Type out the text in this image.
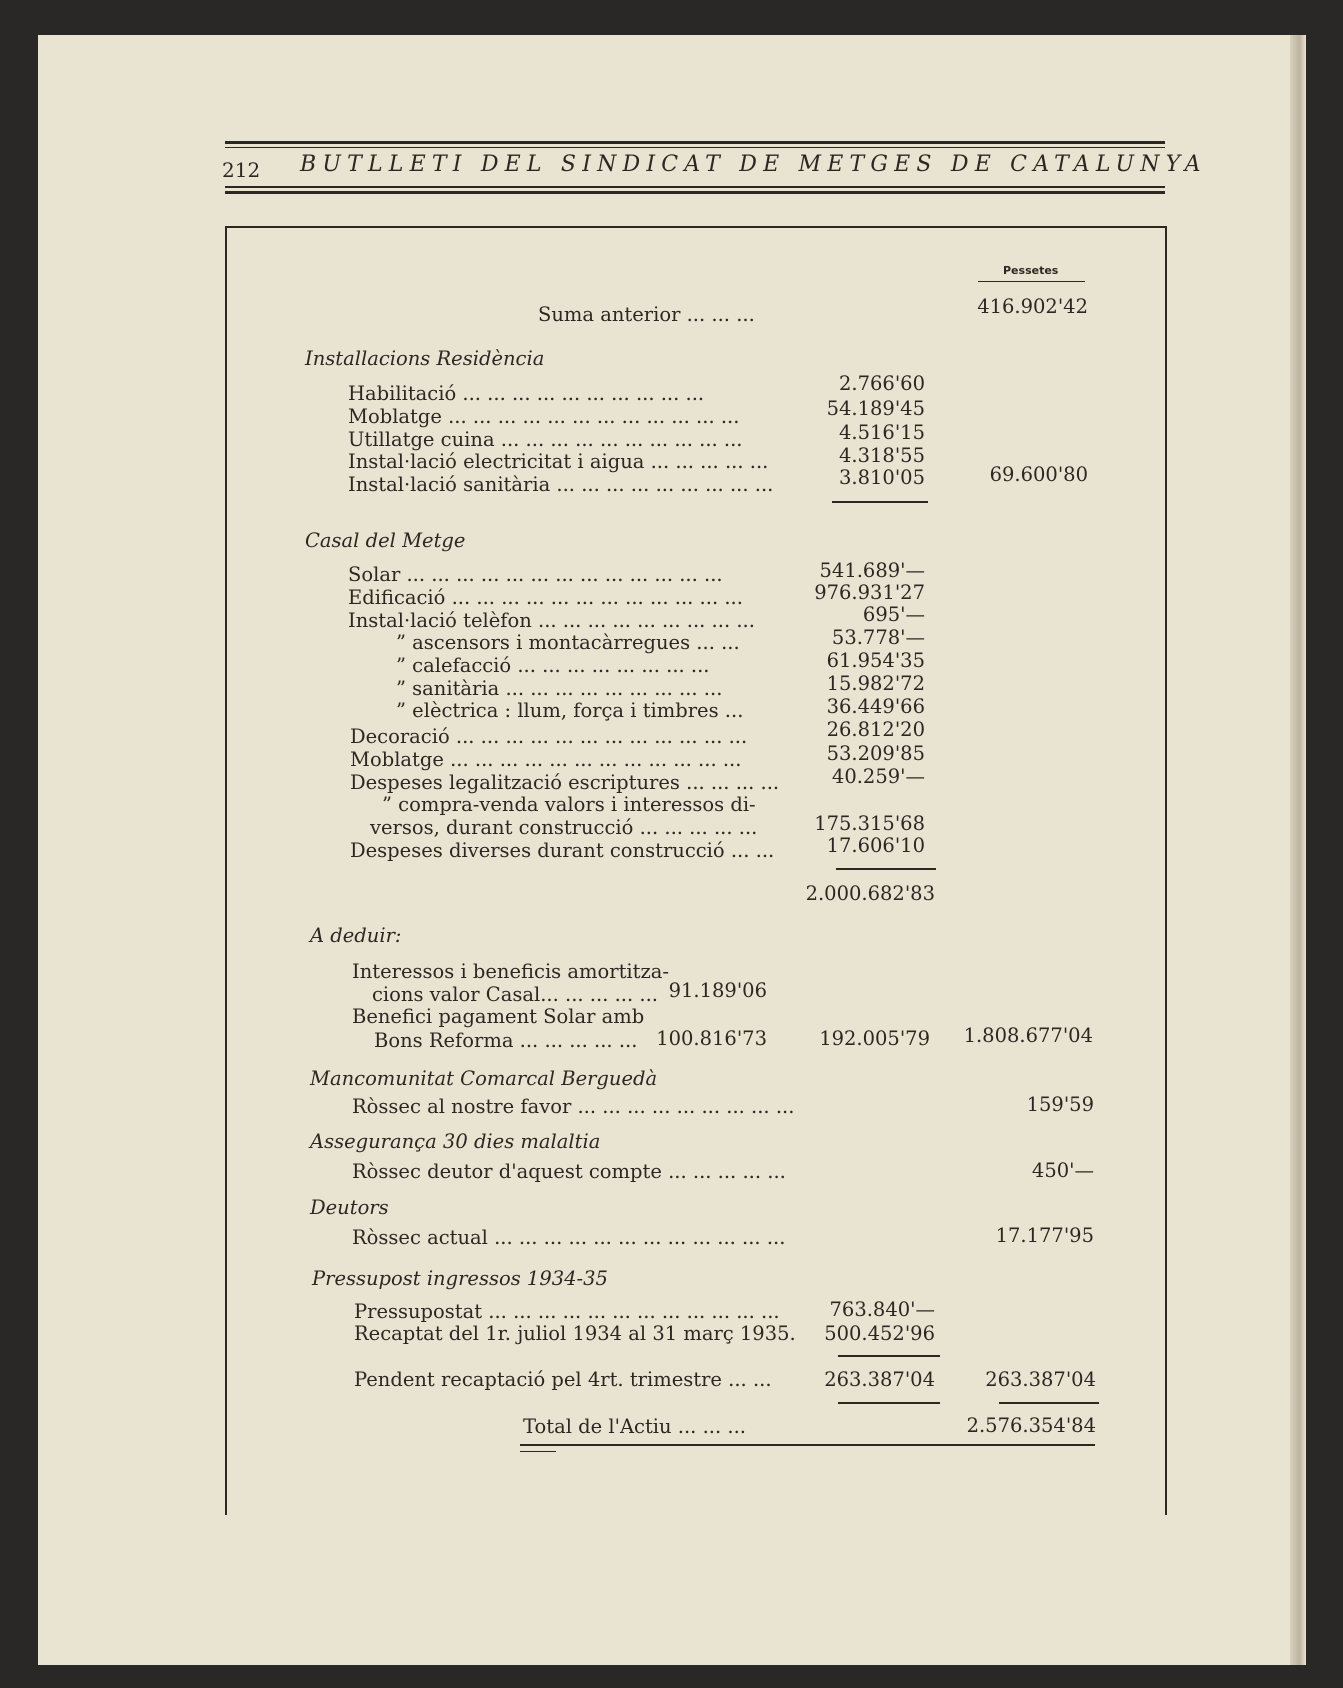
212 BUTLLETI DEL SINDICAT DE METGES DE CATALUNYA
Pessetes
Suma anterior ... ... ...	416.902'42
Installacions Residència
Habilitació ... ... ... ... ... ... ... ... ... ...	2.766'60
Moblatge ... ... ... ... ... ... ... ... ... ... ... ...	54.189'45
Utillatge cuina ... ... ... ... ... ... ... ... ... ...	4.516'15
Instal·lació electricitat i aigua ... ... ... ... ...	4.318'55
Instal·lació sanitària ... ... ... ... ... ... ... ... ...	3.810'05	69.600'80
Casal del Metge
Solar ... ... ... ... ... ... ... ... ... ... ... ... ...	541.689'—
Edificació ... ... ... ... ... ... ... ... ... ... ... ...	976.931'27
Instal·lació telèfon ... ... ... ... ... ... ... ... ...	695'—
” ascensors i montacàrregues ... ...	53.778'—
” calefacció ... ... ... ... ... ... ... ...	61.954'35
” sanitària ... ... ... ... ... ... ... ... ...	15.982'72
” elèctrica : llum, força i timbres ...	36.449'66
Decoració ... ... ... ... ... ... ... ... ... ... ... ...	26.812'20
Moblatge ... ... ... ... ... ... ... ... ... ... ... ...	53.209'85
Despeses legalització escriptures ... ... ... ...	40.259'—
” compra-venda valors i interessos di-
versos, durant construcció ... ... ... ... ...	175.315'68
Despeses diverses durant construcció ... ...	17.606'10
2.000.682'83
A deduir:
Interessos i beneficis amortitza-
cions valor Casal... ... ... ... ... 91.189'06
Benefici pagament Solar amb
Bons Reforma ... ... ... ... ... 100.816'73	192.005'79	1.808.677'04
Mancomunitat Comarcal Berguedà
Ròssec al nostre favor ... ... ... ... ... ... ... ... ...	159'59
Assegurança 30 dies malaltia
Ròssec deutor d'aquest compte ... ... ... ... ...	450'—
Deutors
Ròssec actual ... ... ... ... ... ... ... ... ... ... ... ...	17.177'95
Pressupost ingressos 1934-35
Pressupostat ... ... ... ... ... ... ... ... ... ... ... ...	763.840'—
Recaptat del 1r. juliol 1934 al 31 març 1935.	500.452'96
Pendent recaptació pel 4rt. trimestre ... ...	263.387'04	263.387'04
Total de l'Actiu ... ... ...	2.576.354'84
